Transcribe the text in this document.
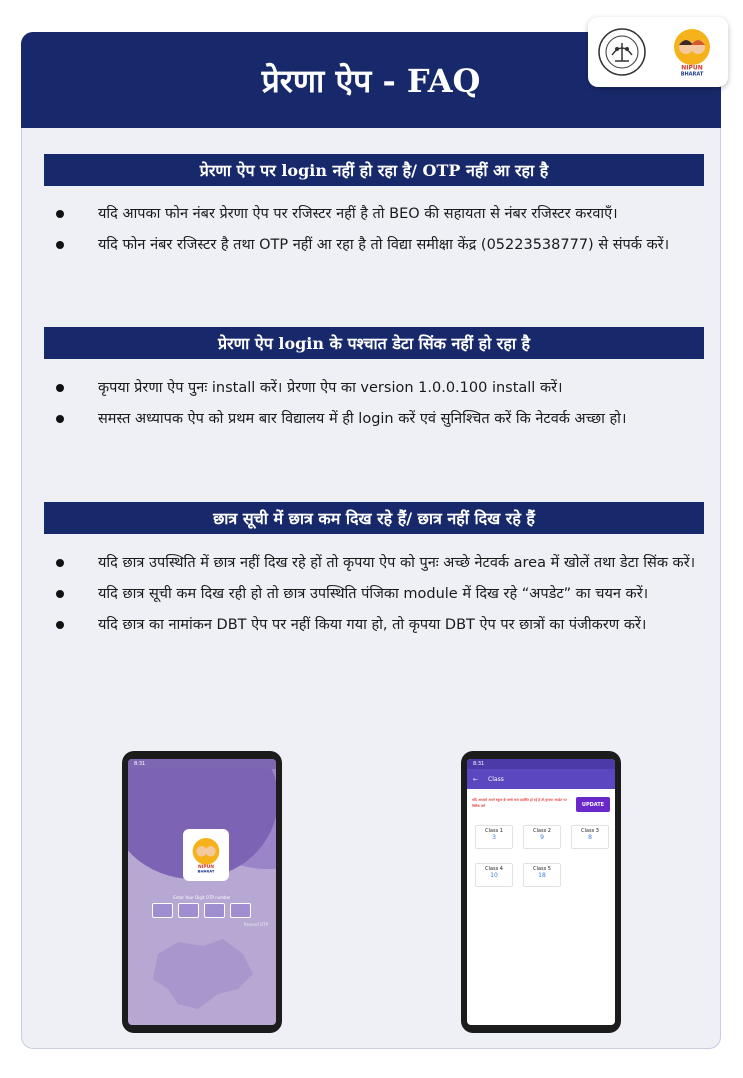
प्रेरणा ऐप - FAQ	NIPUN
BHARAT
प्रेरणा ऐप पर login नहीं हो रहा है/ OTP नहीं आ रहा है
यदि आपका फोन नंबर प्रेरणा ऐप पर रजिस्टर नहीं है तो BEO की सहायता से नंबर रजिस्टर करवाएँ।
यदि फोन नंबर रजिस्टर है तथा OTP नहीं आ रहा है तो विद्या समीक्षा केंद्र (05223538777) से संपर्क करें।
प्रेरणा ऐप login के पश्चात डेटा सिंक नहीं हो रहा है
कृपया प्रेरणा ऐप पुनः install करें। प्रेरणा ऐप का version 1.0.0.100 install करें।
समस्त अध्यापक ऐप को प्रथम बार विद्यालय में ही login करें एवं सुनिश्चित करें कि नेटवर्क अच्छा हो।
छात्र सूची में छात्र कम दिख रहे हैं/ छात्र नहीं दिख रहे हैं
यदि छात्र उपस्थिति में छात्र नहीं दिख रहे हों तो कृपया ऐप को पुनः अच्छे नेटवर्क area में खोलें तथा डेटा सिंक करें।
यदि छात्र सूची कम दिख रही हो तो छात्र उपस्थिति पंजिका module में दिख रहे “अपडेट” का चयन करें।
यदि छात्र का नामांकन DBT ऐप पर नहीं किया गया हो, तो कृपया DBT ऐप पर छात्रों का पंजीकरण करें।
8:31
NIPUN
BHARAT
Enter Your Digit OTP number
Resend OTP
8:31
← Class
यदि आपको अपने स्कूल के बच्चे कम प्रदर्शित हो रहे है तो,कृपया अपडेट पर क्लिक करें	UPDATE
Class 1
3
Class 2
9
Class 3
8
Class 4
10
Class 5
18
